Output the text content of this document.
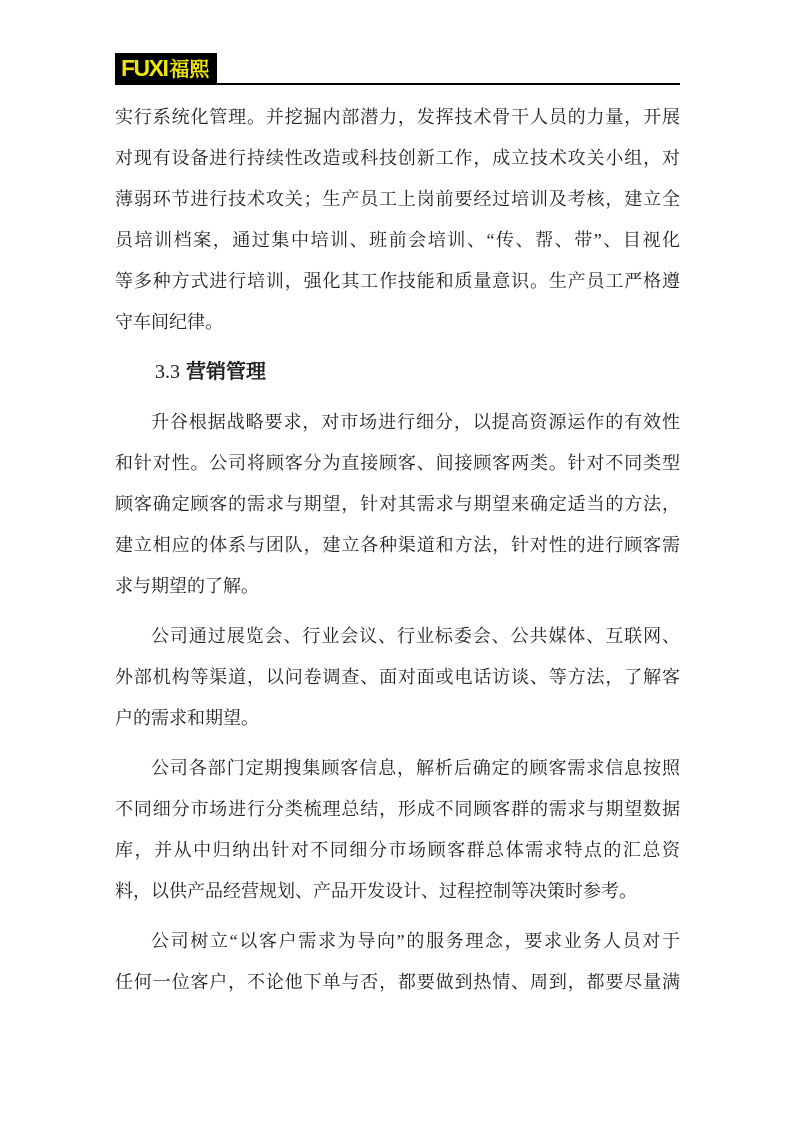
FUXI 福熙
实行系统化管理。并挖掘内部潜力，发挥技术骨干人员的力量，开展
对现有设备进行持续性改造或科技创新工作，成立技术攻关小组，对
薄弱环节进行技术攻关；生产员工上岗前要经过培训及考核，建立全
员培训档案，通过集中培训、班前会培训、“传、帮、带”、目视化
等多种方式进行培训，强化其工作技能和质量意识。生产员工严格遵
守车间纪律。
3.3 营销管理
升谷根据战略要求，对市场进行细分，以提高资源运作的有效性
和针对性。公司将顾客分为直接顾客、间接顾客两类。针对不同类型
顾客确定顾客的需求与期望，针对其需求与期望来确定适当的方法，
建立相应的体系与团队，建立各种渠道和方法，针对性的进行顾客需
求与期望的了解。
公司通过展览会、行业会议、行业标委会、公共媒体、互联网、
外部机构等渠道，以问卷调查、面对面或电话访谈、等方法，了解客
户的需求和期望。
公司各部门定期搜集顾客信息，解析后确定的顾客需求信息按照
不同细分市场进行分类梳理总结，形成不同顾客群的需求与期望数据
库，并从中归纳出针对不同细分市场顾客群总体需求特点的汇总资
料，以供产品经营规划、产品开发设计、过程控制等决策时参考。
公司树立“以客户需求为导向”的服务理念，要求业务人员对于
任何一位客户，不论他下单与否，都要做到热情、周到，都要尽量满
